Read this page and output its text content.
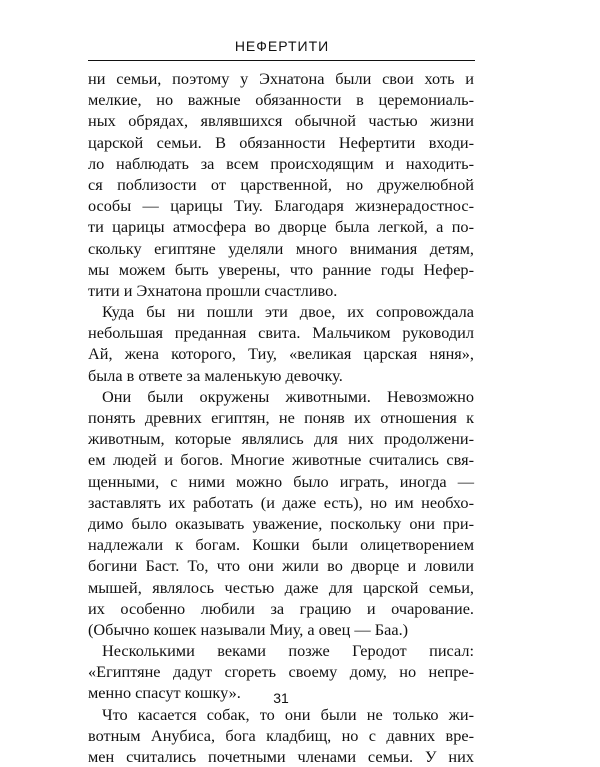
НЕФЕРТИТИ
ни семьи, поэтому у Эхнатона были свои хоть и
мелкие, но важные обязанности в церемониаль-
ных обрядах, являвшихся обычной частью жизни
царской семьи. В обязанности Нефертити входи-
ло наблюдать за всем происходящим и находить-
ся поблизости от царственной, но дружелюбной
особы — царицы Тиу. Благодаря жизнерадостнос-
ти царицы атмосфера во дворце была легкой, а по-
скольку египтяне уделяли много внимания детям,
мы можем быть уверены, что ранние годы Нефер-
тити и Эхнатона прошли счастливо.
Куда бы ни пошли эти двое, их сопровождала
небольшая преданная свита. Мальчиком руководил
Ай, жена которого, Тиу, «великая царская няня»,
была в ответе за маленькую девочку.
Они были окружены животными. Невозможно
понять древних египтян, не поняв их отношения к
животным, которые являлись для них продолжени-
ем людей и богов. Многие животные считались свя-
щенными, с ними можно было играть, иногда —
заставлять их работать (и даже есть), но им необхо-
димо было оказывать уважение, поскольку они при-
надлежали к богам. Кошки были олицетворением
богини Баст. То, что они жили во дворце и ловили
мышей, являлось честью даже для царской семьи,
их особенно любили за грацию и очарование.
(Обычно кошек называли Миу, а овец — Баа.)
Несколькими веками позже Геродот писал:
«Египтяне дадут сгореть своему дому, но непре-
менно спасут кошку».
Что касается собак, то они были не только жи-
вотным Анубиса, бога кладбищ, но с давних вре-
мен считались почетными членами семьи. У них
31
